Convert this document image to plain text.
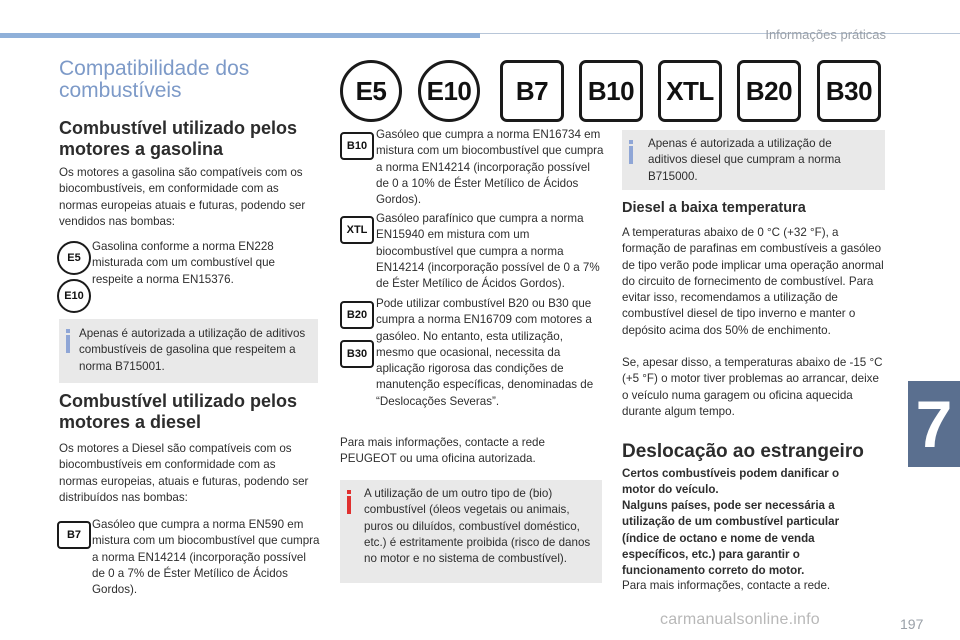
Informações práticas
7
Compatibilidade dos combustíveis	E5	E10	B7	B10	XTL	B20	B30
Combustível utilizado pelos motores a gasolina
Os motores a gasolina são compatíveis com os biocombustíveis, em conformidade com as normas europeias atuais e futuras, podendo ser vendidos nas bombas:
E5
E10
Gasolina conforme a norma EN228 misturada com um combustível que respeite a norma EN15376.
Apenas é autorizada a utilização de aditivos combustíveis de gasolina que respeitem a norma B715001.
Combustível utilizado pelos motores a diesel
Os motores a Diesel são compatíveis com os biocombustíveis em conformidade com as normas europeias, atuais e futuras, podendo ser distribuídos nas bombas:
B7
Gasóleo que cumpra a norma EN590 em mistura com um biocombustível que cumpra a norma EN14214 (incorporação possível de 0 a 7% de Éster Metílico de Ácidos Gordos).
B10
Gasóleo que cumpra a norma EN16734 em mistura com um biocombustível que cumpra a norma EN14214 (incorporação possível de 0 a 10% de Éster Metílico de Ácidos Gordos).
XTL
Gasóleo parafínico que cumpra a norma EN15940 em mistura com um biocombustível que cumpra a norma EN14214 (incorporação possível de 0 a 7% de Éster Metílico de Ácidos Gordos).
B20
B30
Pode utilizar combustível B20 ou B30 que cumpra a norma EN16709 com motores a gasóleo. No entanto, esta utilização, mesmo que ocasional, necessita da aplicação rigorosa das condições de manutenção específicas, denominadas de “Deslocações Severas”.
Para mais informações, contacte a rede PEUGEOT ou uma oficina autorizada.
A utilização de um outro tipo de (bio) combustível (óleos vegetais ou animais, puros ou diluídos, combustível doméstico, etc.) é estritamente proibida (risco de danos no motor e no sistema de combustível).
Apenas é autorizada a utilização de aditivos diesel que cumpram a norma B715000.
Diesel a baixa temperatura
A temperaturas abaixo de 0 °C (+32 °F), a formação de parafinas em combustíveis a gasóleo de tipo verão pode implicar uma operação anormal do circuito de fornecimento de combustível. Para evitar isso, recomendamos a utilização de combustível diesel de tipo inverno e manter o depósito acima dos 50% de enchimento.
Se, apesar disso, a temperaturas abaixo de -15 °C (+5 °F) o motor tiver problemas ao arrancar, deixe o veículo numa garagem ou oficina aquecida durante algum tempo.
Deslocação ao estrangeiro
Certos combustíveis podem danificar o motor do veículo.
Nalguns países, pode ser necessária a utilização de um combustível particular (índice de octano e nome de venda específicos, etc.) para garantir o funcionamento correto do motor.
Para mais informações, contacte a rede.
carmanualsonline.info	197
